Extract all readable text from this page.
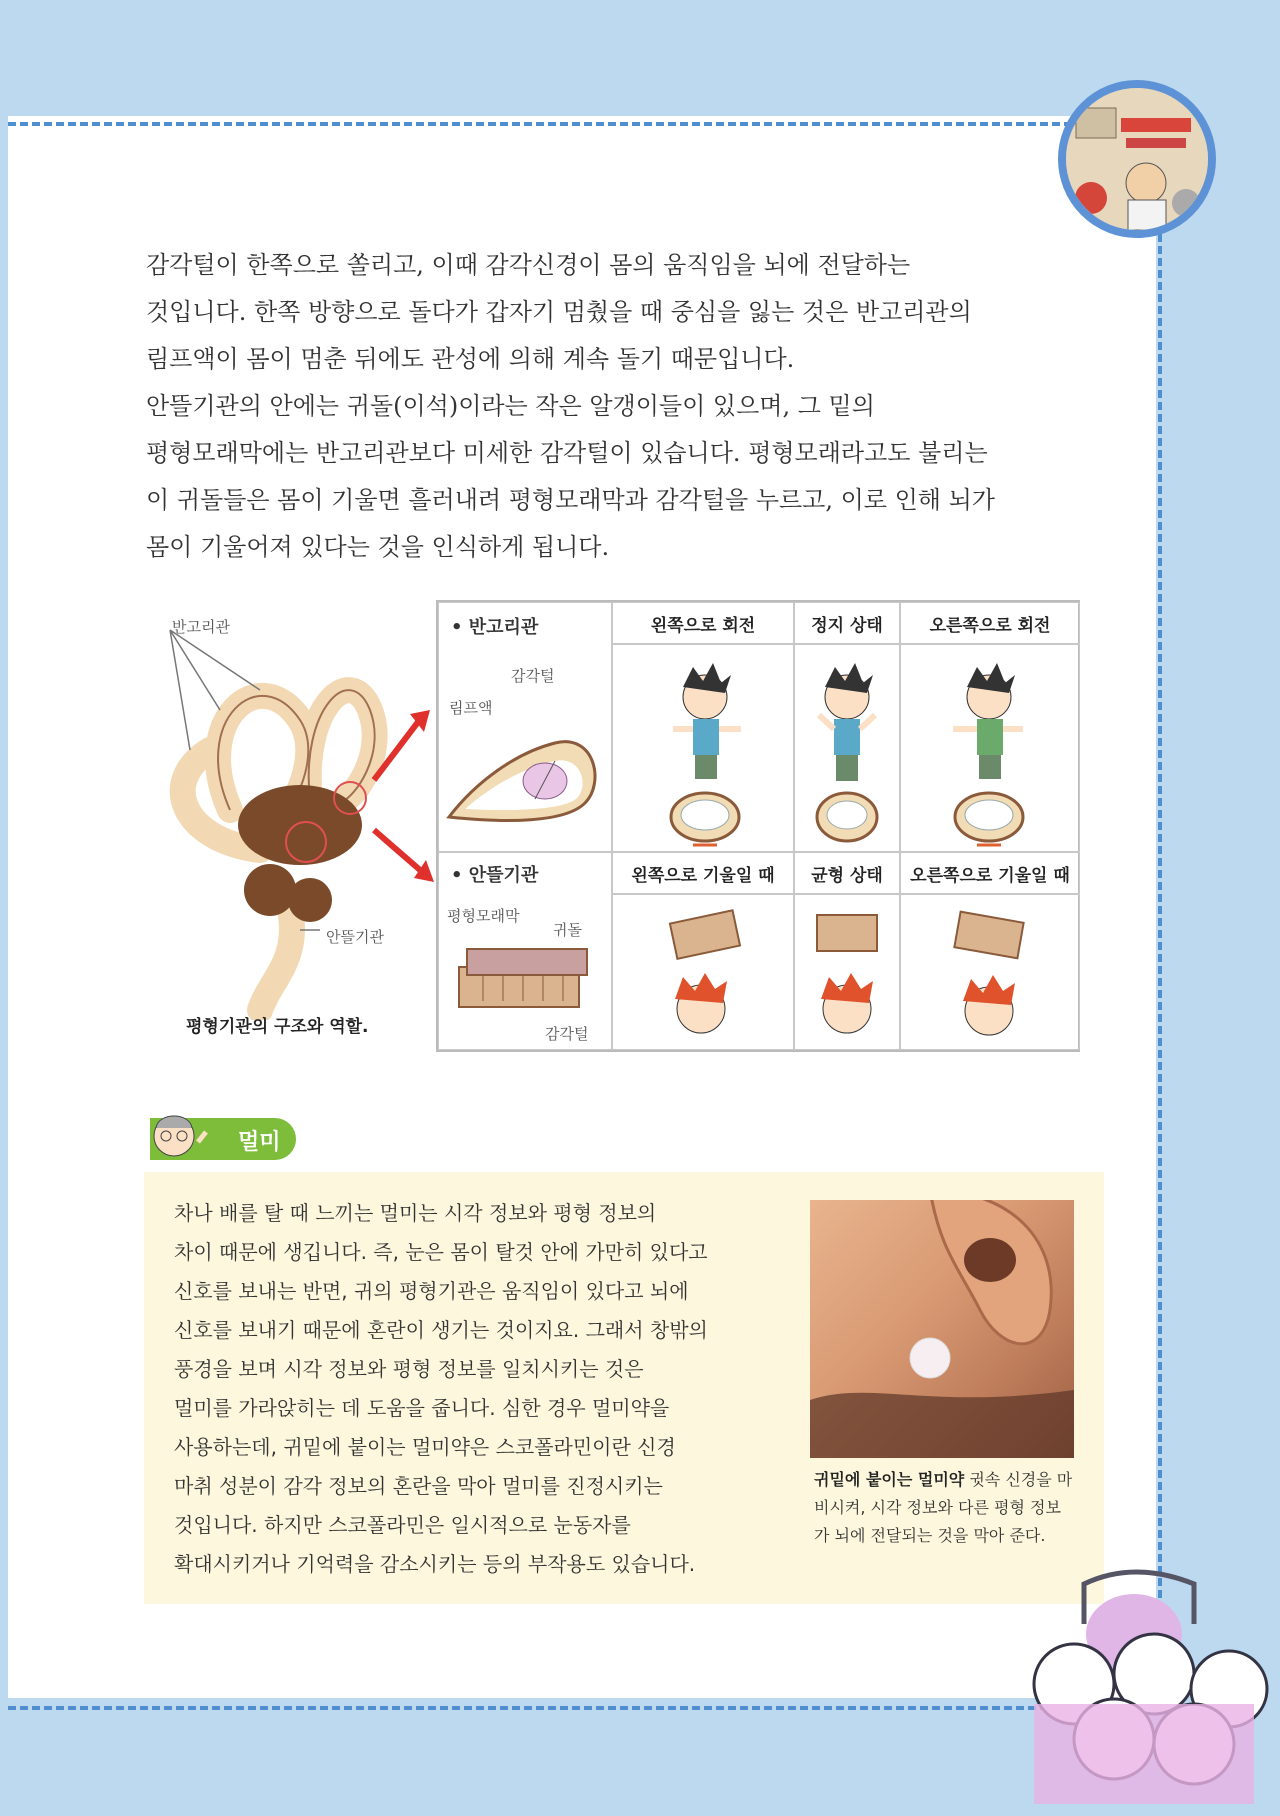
감각털이 한쪽으로 쏠리고, 이때 감각신경이 몸의 움직임을 뇌에 전달하는

것입니다. 한쪽 방향으로 돌다가 갑자기 멈췄을 때 중심을 잃는 것은 반고리관의

림프액이 몸이 멈춘 뒤에도 관성에 의해 계속 돌기 때문입니다.

안뜰기관의 안에는 귀돌(이석)이라는 작은 알갱이들이 있으며, 그 밑의

평형모래막에는 반고리관보다 미세한 감각털이 있습니다. 평형모래라고도 불리는

이 귀돌들은 몸이 기울면 흘러내려 평형모래막과 감각털을 누르고, 이로 인해 뇌가

몸이 기울어져 있다는 것을 인식하게 됩니다.

반고리관
안뜰기관
평형기관의 구조와 역할.
• 반고리관
감각털
림프액
왼쪽으로 회전	정지 상태	오른쪽으로 회전
• 안뜰기관
평형모래막
귀돌
감각털
왼쪽으로 기울일 때	균형 상태	오른쪽으로 기울일 때
멀미

차나 배를 탈 때 느끼는 멀미는 시각 정보와 평형 정보의

차이 때문에 생깁니다. 즉, 눈은 몸이 탈것 안에 가만히 있다고

신호를 보내는 반면, 귀의 평형기관은 움직임이 있다고 뇌에

신호를 보내기 때문에 혼란이 생기는 것이지요. 그래서 창밖의

풍경을 보며 시각 정보와 평형 정보를 일치시키는 것은

멀미를 가라앉히는 데 도움을 줍니다. 심한 경우 멀미약을

사용하는데, 귀밑에 붙이는 멀미약은 스코폴라민이란 신경

마취 성분이 감각 정보의 혼란을 막아 멀미를 진정시키는

것입니다. 하지만 스코폴라민은 일시적으로 눈동자를

확대시키거나 기억력을 감소시키는 등의 부작용도 있습니다.

귀밑에 붙이는 멀미약 귓속 신경을 마비시켜, 시각 정보와 다른 평형 정보가 뇌에 전달되는 것을 막아 준다.
